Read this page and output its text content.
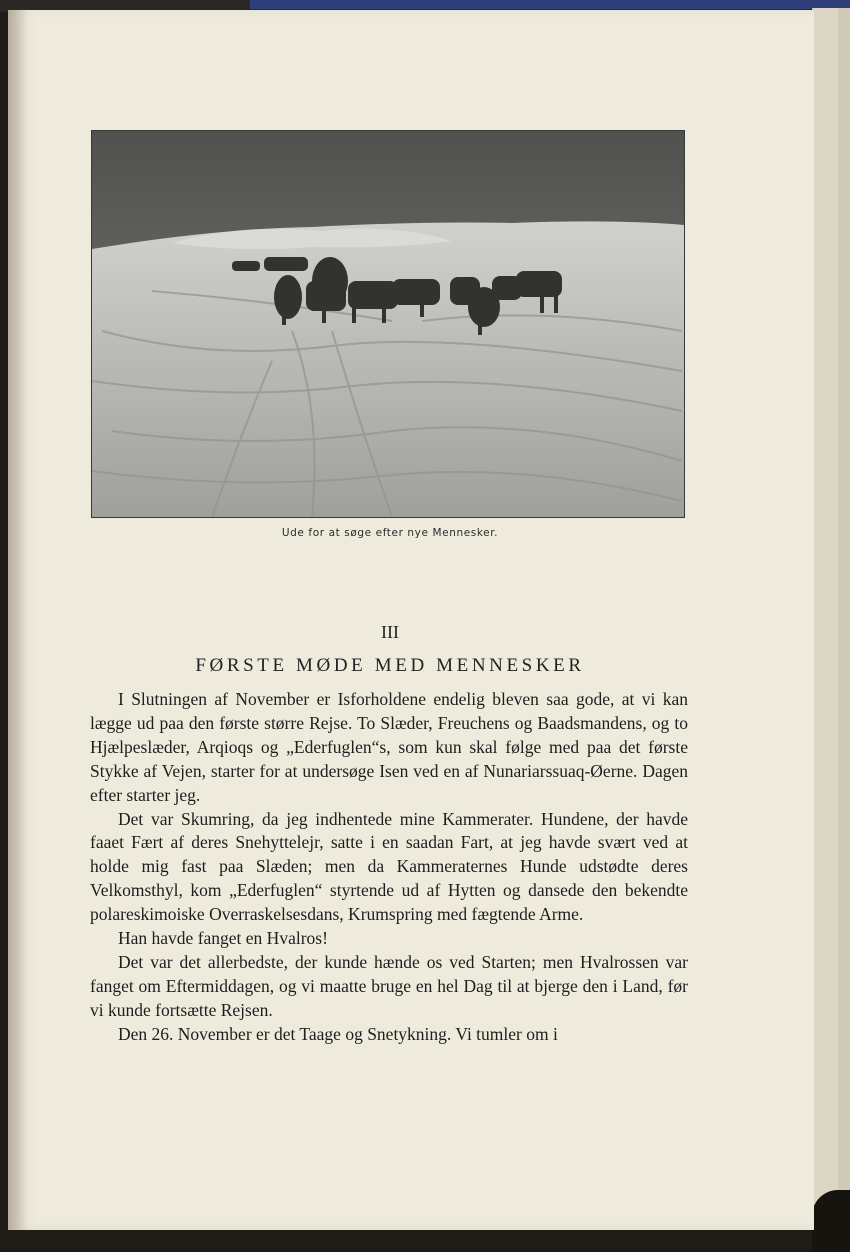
Ude for at søge efter nye Mennesker.
III
FØRSTE MØDE MED MENNESKER

I Slutningen af November er Isforholdene endelig bleven saa gode, at vi kan lægge ud paa den første større Rejse. To Slæder, Freuchens og Baadsmandens, og to Hjælpeslæder, Arqioqs og „Ederfuglen“s, som kun skal følge med paa det første Stykke af Vejen, starter for at undersøge Isen ved en af Nunariarssuaq-Øerne. Dagen efter starter jeg.

Det var Skumring, da jeg indhentede mine Kammerater. Hundene, der havde faaet Fært af deres Snehyttelejr, satte i en saadan Fart, at jeg havde svært ved at holde mig fast paa Slæden; men da Kammeraternes Hunde udstødte deres Velkomsthyl, kom „Ederfuglen“ styrtende ud af Hytten og dansede den bekendte polareskimoiske Overraskelsesdans, Krumspring med fægtende Arme.

Han havde fanget en Hvalros!

Det var det allerbedste, der kunde hænde os ved Starten; men Hvalrossen var fanget om Eftermiddagen, og vi maatte bruge en hel Dag til at bjerge den i Land, før vi kunde fortsætte Rejsen.

Den 26. November er det Taage og Snetykning. Vi tumler om i
